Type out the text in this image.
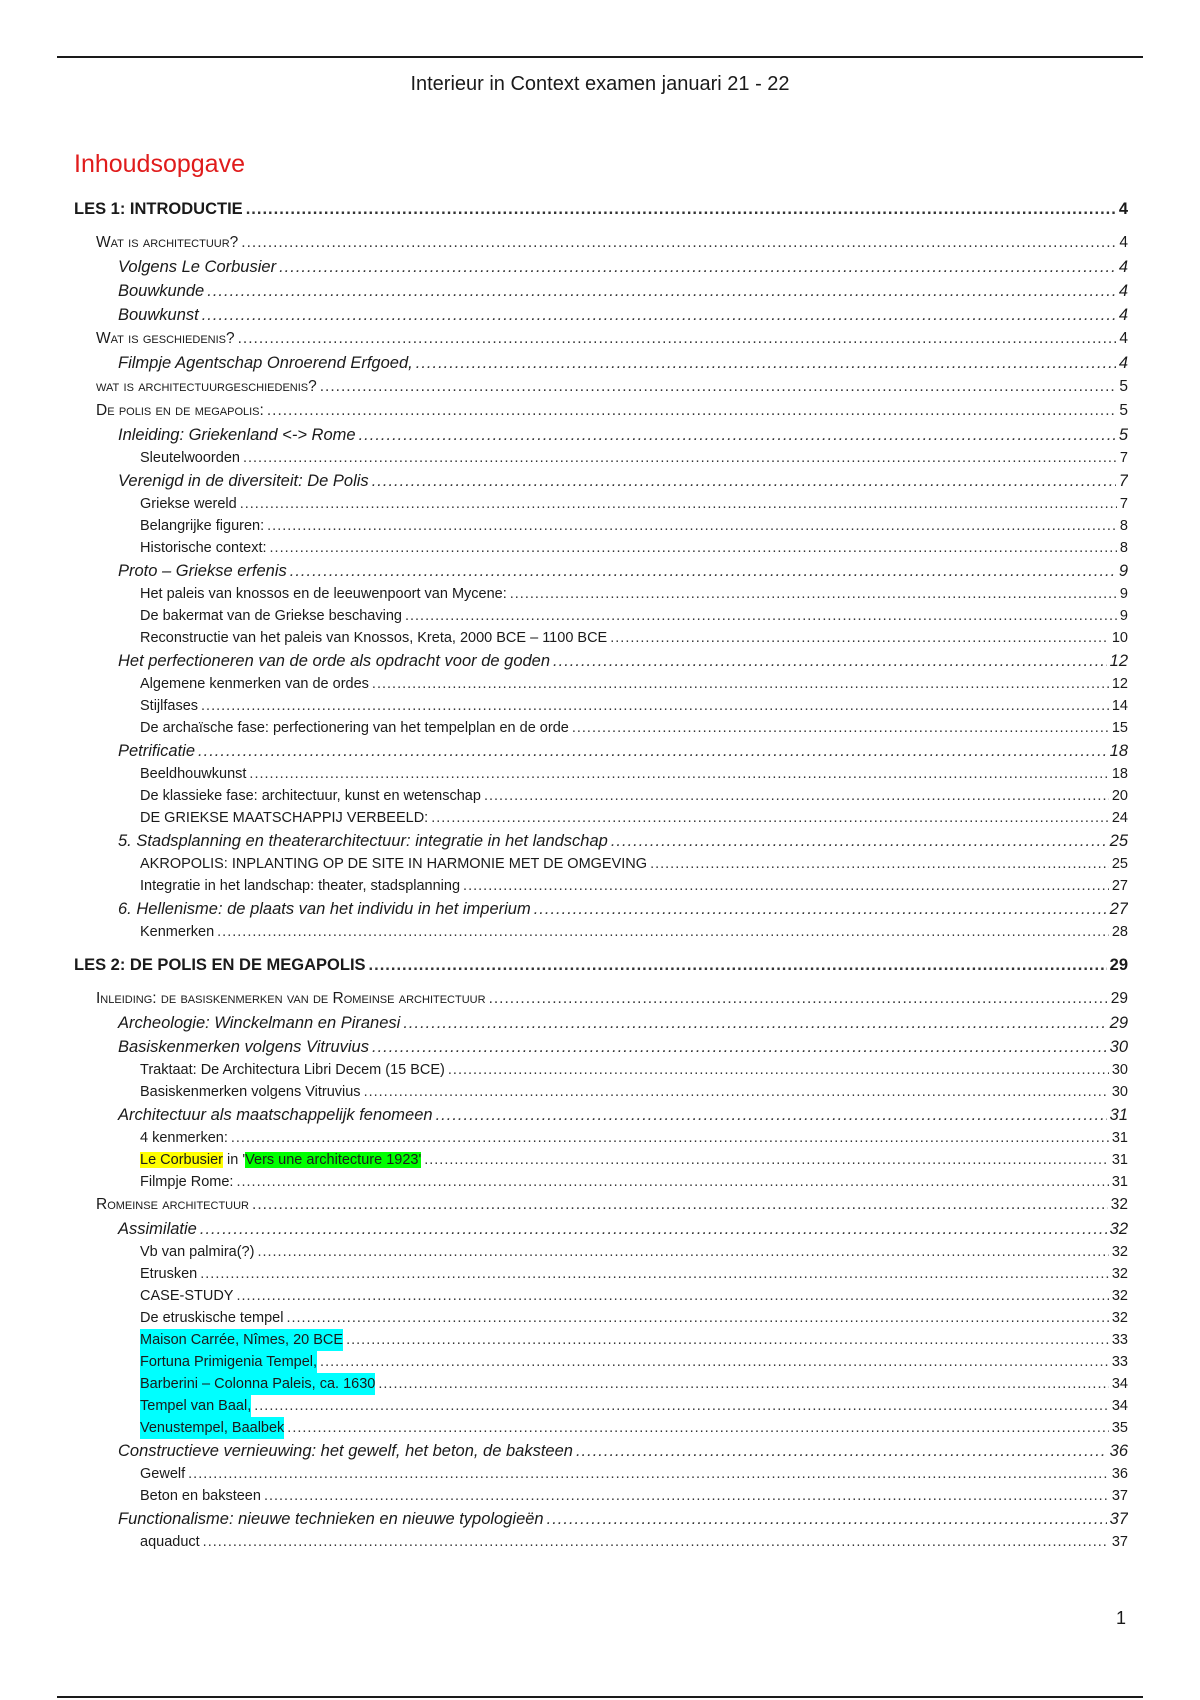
Interieur in Context examen januari 21 - 22
Inhoudsopgave
LES 1: INTRODUCTIE .....	4
Wat is architectuur? .....	4
Volgens Le Corbusier .....	4
Bouwkunde .....	4
Bouwkunst .....	4
Wat is geschiedenis? .....	4
Filmpje Agentschap Onroerend Erfgoed, .....	4
wat is architectuurgeschiedenis? .....	5
De polis en de megapolis: .....	5
Inleiding: Griekenland <-> Rome .....	5
Sleutelwoorden .....	7
Verenigd in de diversiteit: De Polis .....	7
Griekse wereld .....	7
Belangrijke figuren: .....	8
Historische context: .....	8
Proto – Griekse erfenis .....	9
Het paleis van knossos en de leeuwenpoort van Mycene: .....	9
De bakermat van de Griekse beschaving .....	9
Reconstructie van het paleis van Knossos, Kreta, 2000 BCE – 1100 BCE .....	10
Het perfectioneren van de orde als opdracht voor de goden .....	12
Algemene kenmerken van de ordes .....	12
Stijlfases .....	14
De archaïsche fase: perfectionering van het tempelplan en de orde .....	15
Petrificatie .....	18
Beeldhouwkunst .....	18
De klassieke fase: architectuur, kunst en wetenschap .....	20
DE GRIEKSE MAATSCHAPPIJ VERBEELD: .....	24
5. Stadsplanning en theaterarchitectuur: integratie in het landschap .....	25
AKROPOLIS: INPLANTING OP DE SITE IN HARMONIE MET DE OMGEVING .....	25
Integratie in het landschap: theater, stadsplanning .....	27
6. Hellenisme: de plaats van het individu in het imperium .....	27
Kenmerken .....	28
LES 2: DE POLIS EN DE MEGAPOLIS .....	29
Inleiding: de basiskenmerken van de Romeinse architectuur .....	29
Archeologie: Winckelmann en Piranesi .....	29
Basiskenmerken volgens Vitruvius .....	30
Traktaat: De Architectura Libri Decem (15 BCE) .....	30
Basiskenmerken volgens Vitruvius .....	30
Architectuur als maatschappelijk fenomeen .....	31
4 kenmerken: .....	31
Le Corbusier in 'Vers une architecture 1923' .....	31
Filmpje Rome: .....	31
Romeinse architectuur .....	32
Assimilatie .....	32
Vb van palmira(?) .....	32
Etrusken .....	32
CASE-STUDY .....	32
De etruskische tempel .....	32
Maison Carrée, Nîmes, 20 BCE .....	33
Fortuna Primigenia Tempel, .....	33
Barberini – Colonna Paleis, ca. 1630 .....	34
Tempel van Baal, .....	34
Venustempel, Baalbek .....	35
Constructieve vernieuwing: het gewelf, het beton, de baksteen .....	36
Gewelf .....	36
Beton en baksteen .....	37
Functionalisme: nieuwe technieken en nieuwe typologieën .....	37
aquaduct .....	37
1
